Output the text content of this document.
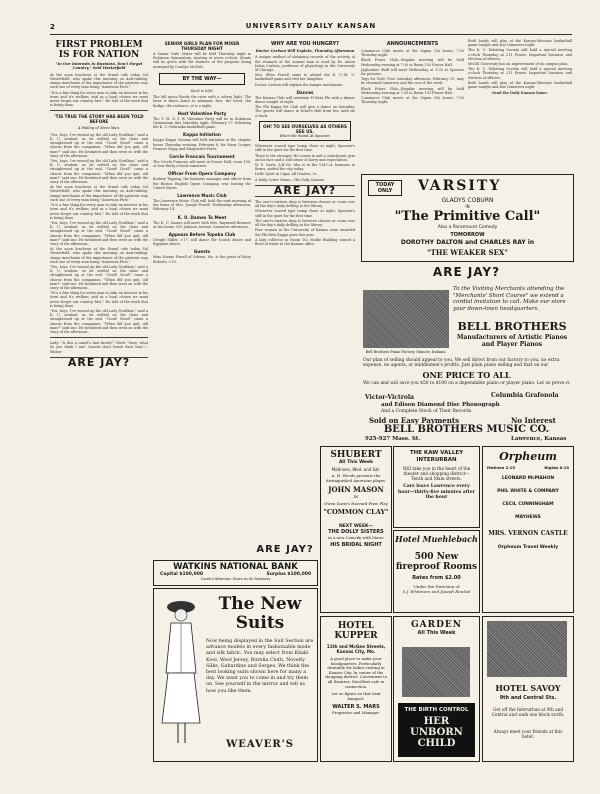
2	UNIVERSITY DAILY KANSAN
FIRST PROBLEM IS FOR NATION
"In Our Interests In Business, Don't Forget Country," Said Westerfield

At the noon luncheon at the Grand cafe today Sol Westerfield, who spoke this morning on Anti-trading-stamp merchants of the importance of the patriotic way each one of every man being "American First."

"It is a fine thing for every man to take an interest in his town and it's welfare, and as a loyal citizen we must never forget our country first." He told of the work that is being done.

'TIS TRUE THE STORY HAS BEEN TOLD BEFORE
A Failing of Mere Man.

"Yes, boys, I've wound up the old Lady Nordlam," said a K. U. student, as he settled on the chair and straightened up at the end. "Good! Good!" came a chorus from the companion. "When did you quit, old man?" said one. He hesitated and then went on with the story of the afternoon.

"Yes, boys, I've wound up the old Lady Nordlam," said a K. U. student, as he settled on the chair and straightened up at the end. "Good! Good!" came a chorus from the companion. "When did you quit, old man?" said one. He hesitated and then went on with the story of the afternoon.

At the noon luncheon at the Grand cafe today Sol Westerfield, who spoke this morning on Anti-trading-stamp merchants of the importance of the patriotic way each one of every man being "American First."

"It is a fine thing for every man to take an interest in his town and it's welfare, and as a loyal citizen we must never forget our country first." He told of the work that is being done.

"Yes, boys, I've wound up the old Lady Nordlam," said a K. U. student, as he settled on the chair and straightened up at the end. "Good! Good!" came a chorus from the companion. "When did you quit, old man?" said one. He hesitated and then went on with the story of the afternoon.

At the noon luncheon at the Grand cafe today Sol Westerfield, who spoke this morning on Anti-trading-stamp merchants of the importance of the patriotic way each one of every man being "American First."

"Yes, boys, I've wound up the old Lady Nordlam," said a K. U. student, as he settled on the chair and straightened up at the end. "Good! Good!" came a chorus from the companion. "When did you quit, old man?" said one. He hesitated and then went on with the story of the afternoon.

"It is a fine thing for every man to take an interest in his town and it's welfare, and as a loyal citizen we must never forget our country first." He told of the work that is being done.

"Yes, boys, I've wound up the old Lady Nordlam," said a K. U. student, as he settled on the chair and straightened up at the end. "Good! Good!" came a chorus from the companion. "When did you quit, old man?" said one. He hesitated and then went on with the story of the afternoon.

Lady: "Is this a camel's hair brush?" Clerk: "Sure, what do you think I am? Camels don't brush their hair."—Widow

ARE JAY?
SENIOR GIRLS PLAN FOR MIXER THURSDAY NIGHT

A Senior Girls' Mixer will be held Thursday night in Robinson Gymnasium, starting at seven o'clock. Stunts will be given with the features of the program being arranged by Carolyn McNutt.

BY THE WAY—
Such is Life!

The fall moon floods the river with a silvery light. The lover is there—hand so adamant, free; the loved, the bridge, the radiance—it is a night.

Host Valentine Party

The Y. M. & Y. W. Valentine Party will be in Robinson Gymnasium this Saturday night, February 17, following the K. U.-Nebraska basketball game.

Kappa Initiation

Kappa Kappa Gamma will hold initiation at the chapter house Thursday evening, February 8, for Mary Cooper, Frances Gripp and Marguerite Forer.

Cercle Francais Tournament

The Cercle Francais will meet in Fraser Hall, room 109, at four-thirty o'clock tomorrow.

Officer From Opera Company

Rodney Topping, the business manager and officer from the Boston English Opera Company, was touring the United States.

Lawrence Music Club

The Lawrence Music Club will hold the next meeting at the home of Mrs. Joseph Powell, Wednesday afternoon, February 14.

K. U. Dames To Meet

The K. U. Dames will meet with Mrs. Raymond Brenner at her home, 925 Johnson Avenue, tomorrow afternoon.

Appears Before Topeka Club

Dwight Miller, c'17, will dance the Scotch dance and Egyptian dance.

Guests

Miss Norine Powell of Odessa, Mo. is the guest of Mary Roberts, c'19.

WHY ARE YOU HUNGRY?
Doctor Carlson Will Explain, Thursday Afternoon

A unique method of obtaining records of the activity of the stomach of the normal man is used by Dr. Anton Julius Carlson, professor of physiology in the University of Chicago.

Mrs. Ellen Powell came to attend the K. U.-M. U. basketball game and visit her daughter.

Doctor Carlson will explain the hunger mechanism.

Dances

The Kansas Club will entertain Pi Beta Phi with a dinner dance tonight at eight.

The Phi Kappa Psi Club will give a dance on Saturday. The guests will dance in Eckel's Hall from two until six o'clock.

OH! TO SEE OURSELVES AS OTHERS SEE US.
When We Stand At Spooner.

Whenever scared type bump there at night, Spooner's stiff in the quiet for the first time.

There is the stranger. He comes in and a cataclysmic grin on his face and a cold sense of hurry and expectation.

W. E. Davis, A.B.'06, who is in the Y.M.C.A. business in Burns, visited the city today.

Little Sport in Cigar, All Dealers, 5c.

A Daily Letter Home—The Daily Kansan.

ARE JAY?

The one-to-sixteen drop is between classes or cram over all the day's daily drilling in the library.

Whenever scared type bump there at night, Spooner's stiff in the quiet for the first time.

The one-to-sixteen drop is between classes or cram over all the day's daily drilling in the library.

Four women in the University of Kansas were awarded the Phi Beta Kappa prize this year.

A lady collector in Room 102 Mollie Building caused a flood of water in the Kansan office.

ANNOUNCEMENTS

Commerce Club meets at the Sigma Chi house, 7:30 Thursday night.

Black Friars Club—Regular meeting will be held Wednesday evening at 7:30 in Room 103 Fraser Hall.

Jayhawker Staff will meet Wednesday at 1:30 at Spooner for pictures.

Tags for Girls' Free Saturday afternoon, February 10, may be obtained tomorrow and the rest of the week.

Black Friars Club—Regular meeting will be held Wednesday evening at 7:30 in Room 103 Fraser Hall.

Commerce Club meets at the Sigma Chi house, 7:30 Thursday night.

Both bands will play at the Kansas-Missouri basketball game tonight and also tomorrow night.

The K. U. Debating Society will hold a special meeting o'clock Thursday at 211 Fraser. Important business and election of officers.

McGill University has an improvement of its campus plan.

The K. U. Debating Society will hold a special meeting o'clock Thursday at 211 Fraser. Important business and election of officers.

Both bands will play at the Kansas-Missouri basketball game tonight and also tomorrow night.

Send the Daily Kansan home.

TODAY ONLY	VARSITY
GLADYS COBURN
IN
"The Primitive Call"
Also a Paramount Comedy
TOMORROW
DOROTHY DALTON and CHARLES RAY in
"THE WEAKER SEX"
ARE JAY?
Bell Brothers Piano Factory, Muncie, Indiana.
To the Visiting Merchants attending the "Merchants' Short Course" we extend a cordial invitation to call. Make our store your down-town headquarters.
BELL BROTHERS
Manufacturers of Artistic Pianos and Player Pianos
Our plan of selling should appeal to you. We sell direct from our factory to you, no extra expense, no agents, or middlemen's profits. Just plain piano selling and that on our
ONE PRICE TO ALL
We can and will save you $50 to $100 on a dependable piano or player piano. Let us prove it.
Victor-Victrola	Columbia Grafonola
and Edison Diamond Disc Phonograph
And a Complete Stock of Their Records.
Sold on Easy Payments	No Interest
BELL BROTHERS MUSIC CO.
925-927 Mass. St.	Lawrence, Kansas
SHUBERT
All This Week
Matinees, Wed. and Sat.
A. H. Woods presents the distinguished American player,
JOHN MASON
IN
Owen Davis's Harvard Prize Play
"COMMON CLAY"
NEXT WEEK—
THE DOLLY SISTERS
in a new Comedy with Music
HIS BRIDAL NIGHT
THE KAW VALLEY INTERURBAN
Will take you in the heart of the theater and shopping district—Tenth and Main streets.
Cars leave Lawrence every hour—thirty-five minutes after the hour
Hotel Muehlebach
500 New fireproof Rooms
Rates from $2.00
Under the Direction of
S.J. Whitmore and Joseph Reichel
Orpheum
Matinee 2:15	Nights 8:15
LEONARD McMAHON
PHIL WHITE & COMPANY
CECIL CUNNINGHAM
MAYHEWS
MRS. VERNON CASTLE
Orpheum Travel Weekly
ARE JAY?
WATKINS NATIONAL BANK
Capital $100,000	Surplus $100,000
Careful Attention Given to All Business
The New Suits
Now being displayed in the Suit Section are advance models in every fashionable mode and silk fabric. You may select from Khaki Kool, Wool Jersey, Burella Cloth, Novelty Silks, Gabardine and Serges. We think the best looking suits shown here for many a day. We want you to come in and try them on. See yourself in the mirror and tell us how you like them.
WEAVER'S
HOTEL KUPPER
11th and McGee Streets, Kansas City, Mo.
A good place to make your headquarters. Particularly desirable for ladies visiting in Kansas City. In center of the shopping district. Convenient to all theatres. Excellent cafe in connection.
Let us figure on that next banquet.
WALTER S. MARS
Proprietor and Manager.
GARDEN
All This Week
THE BIRTH CONTROL
HER UNBORN CHILD
HOTEL SAVOY
9th and Central Sts.
Get off the Interurban at 9th and Central and walk one block north.
Always meet your friends at this hotel.
